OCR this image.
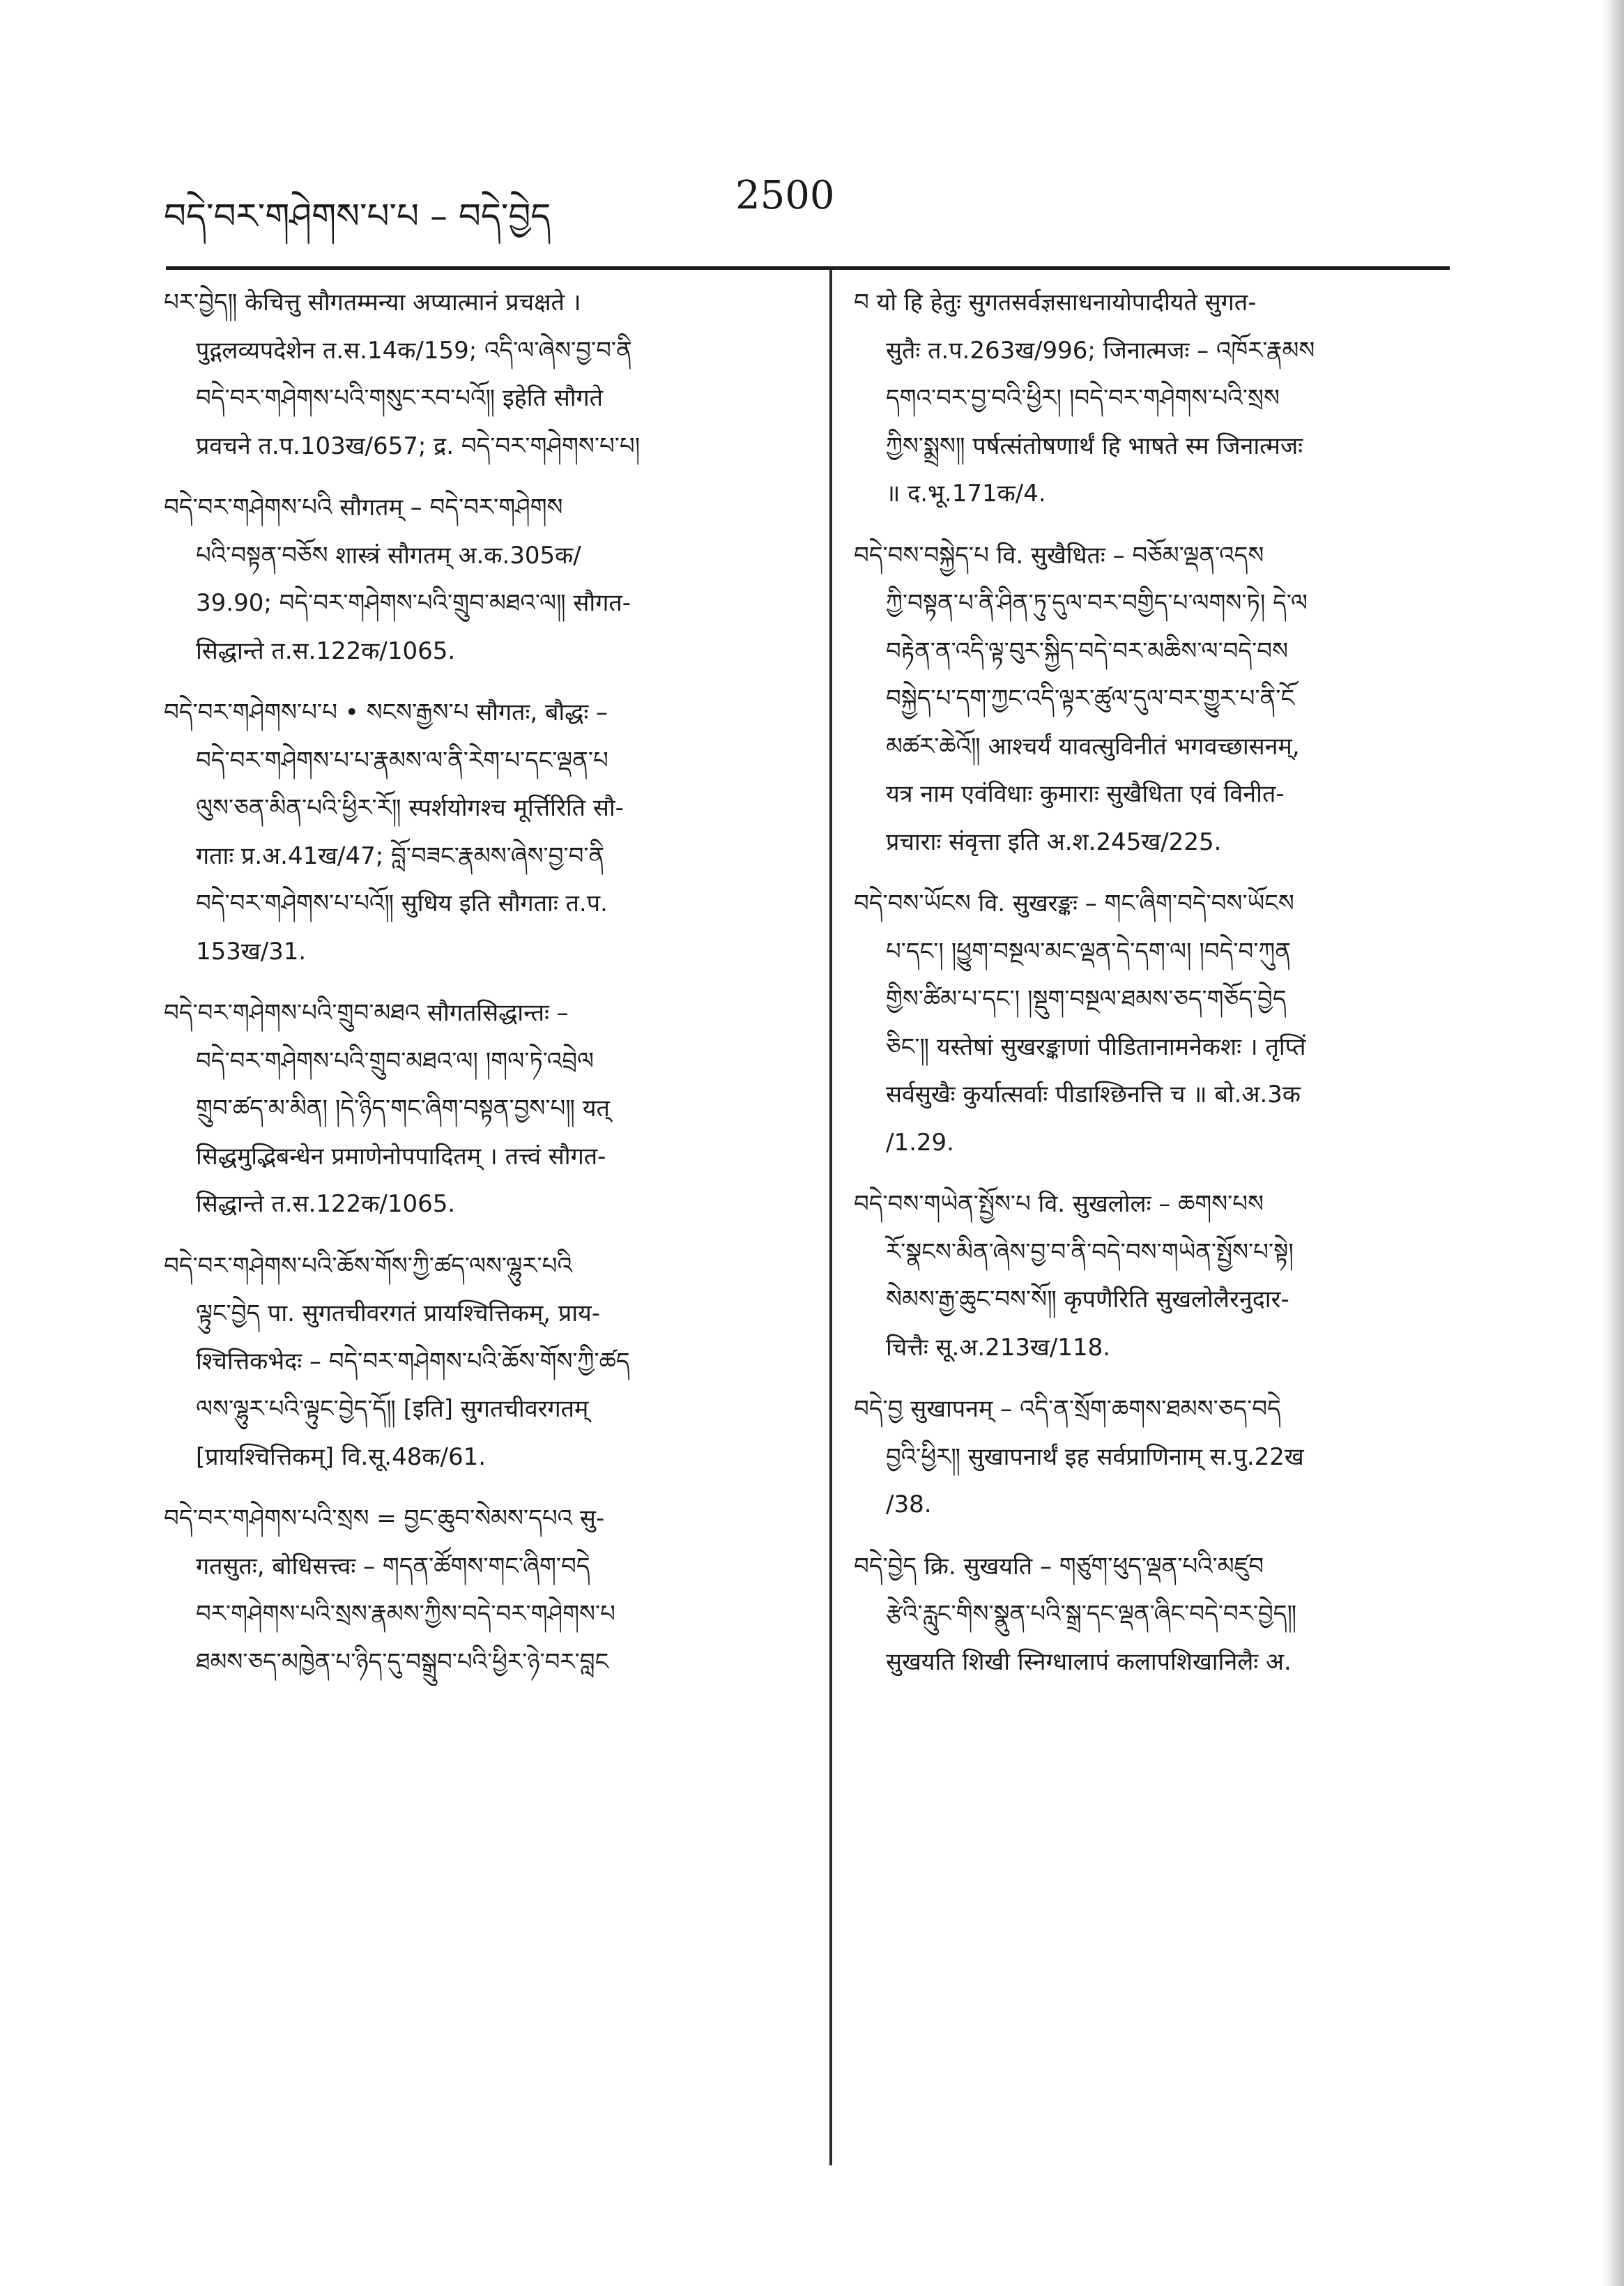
བདེ་བར་གཤེགས་པ་པ – བདེ་བྱེད	2500
པར་བྱེད༎ केचित्तु सौगतम्मन्या अप्यात्मानं प्रचक्षते ।
पुद्गलव्यपदेशेन त.स.14क/159; འདི་ལ་ཞེས་བྱ་བ་ནི
བདེ་བར་གཤེགས་པའི་གསུང་རབ་པའོ༎ इहेति सौगते
प्रवचने त.प.103ख/657; द्र. བདེ་བར་གཤེགས་པ་པ།
བདེ་བར་གཤེགས་པའི सौगतम् – བདེ་བར་གཤེགས
པའི་བསྟན་བཅོས शास्त्रं सौगतम् अ.क.305क/
39.90; བདེ་བར་གཤེགས་པའི་གྲུབ་མཐའ་ལ༎ सौगत-
सिद्धान्ते त.स.122क/1065.
བདེ་བར་གཤེགས་པ་པ • སངས་རྒྱས་པ सौगतः, बौद्धः –
བདེ་བར་གཤེགས་པ་པ་རྣམས་ལ་ནི་རེག་པ་དང་ལྡན་པ
ལུས་ཅན་མིན་པའི་ཕྱིར་རོ༎ स्पर्शयोगश्च मूर्त्तिरिति सौ-
गताः प्र.अ.41ख/47; བློ་བཟང་རྣམས་ཞེས་བྱ་བ་ནི
བདེ་བར་གཤེགས་པ་པའོ༎ सुधिय इति सौगताः त.प.
153ख/31.
བདེ་བར་གཤེགས་པའི་གྲུབ་མཐའ सौगतसिद्धान्तः –
བདེ་བར་གཤེགས་པའི་གྲུབ་མཐའ་ལ། །གལ་ཏེ་འབྲེལ
གྲུབ་ཚད་མ་མིན། །དེ་ཉིད་གང་ཞིག་བསྟན་བྱས་པ༎ यत्
सिद्धमुद्भिबन्धेन प्रमाणेनोपपादितम् । तत्त्वं सौगत-
सिद्धान्ते त.स.122क/1065.
བདེ་བར་གཤེགས་པའི་ཆོས་གོས་ཀྱི་ཚད་ལས་ལྷུར་པའི
ལྟུང་བྱེད पा. सुगतचीवरगतं प्रायश्चित्तिकम्, प्राय-
श्चित्तिकभेदः – བདེ་བར་གཤེགས་པའི་ཆོས་གོས་ཀྱི་ཚད
ལས་ལྷུར་པའི་ལྟུང་བྱེད་དོ༎ [इति] सुगतचीवरगतम्
[प्रायश्चित्तिकम्] वि.सू.48क/61.
བདེ་བར་གཤེགས་པའི་སྲས = བྱང་ཆུབ་སེམས་དཔའ सु-
गतसुतः, बोधिसत्त्वः – གདན་ཚོགས་གང་ཞིག་བདེ
བར་གཤེགས་པའི་སྲས་རྣམས་ཀྱིས་བདེ་བར་གཤེགས་པ
ཐམས་ཅད་མཁྱེན་པ་ཉིད་དུ་བསྒྲུབ་པའི་ཕྱིར་ཉེ་བར་བླང
བ यो हि हेतुः सुगतसर्वज्ञसाधनायोपादीयते सुगत-
सुतैः त.प.263ख/996; जिनात्मजः – འཁོར་རྣམས
དགའ་བར་བྱ་བའི་ཕྱིར། །བདེ་བར་གཤེགས་པའི་སྲས
ཀྱིས་སྨྲས༎ पर्षत्संतोषणार्थं हि भाषते स्म जिनात्मजः
॥ द.भू.171क/4.
བདེ་བས་བསྐྱེད་པ वि. सुखैधितः – བཅོམ་ལྡན་འདས
ཀྱི་བསྟན་པ་ནི་ཤིན་ཏུ་དུལ་བར་བགྱིད་པ་ལགས་ཏེ། དེ་ལ
བརྟེན་ན་འདི་ལྟ་བུར་སྐྱིད་བདེ་བར་མཆིས་ལ་བདེ་བས
བསྐྱེད་པ་དག་ཀྱང་འདི་ལྟར་ཚུལ་དུལ་བར་གྱུར་པ་ནི་ངོ
མཚར་ཆེའོ༎ आश्चर्यं यावत्सुविनीतं भगवच्छासनम्,
यत्र नाम एवंविधाः कुमाराः सुखैधिता एवं विनीत-
प्रचाराः संवृत्ता इति अ.श.245ख/225.
བདེ་བས་ཡོངས वि. सुखरङ्कः – གང་ཞིག་བདེ་བས་ཡོངས
པ་དང་། །ཕྱུག་བསྔལ་མང་ལྡན་དེ་དག་ལ། །བདེ་བ་ཀུན
གྱིས་ཚིམ་པ་དང་། །སྡུག་བསྔལ་ཐམས་ཅད་གཅོད་བྱེད
ཅིང་༎ यस्तेषां सुखरङ्काणां पीडितानामनेकशः । तृप्तिं
सर्वसुखैः कुर्यात्सर्वाः पीडाश्छिनत्ति च ॥ बो.अ.3क
/1.29.
བདེ་བས་གཡེན་སྤྱོས་པ वि. सुखलोलः – ཆགས་པས
རོ་སྣངས་མིན་ཞེས་བྱ་བ་ནི་བདེ་བས་གཡེན་སྤྱོས་པ་སྟེ།
སེམས་རྒྱ་ཆུང་བས་སོ༎ कृपणैरिति सुखलोलैरनुदार-
चित्तैः सू.अ.213ख/118.
བདེ་བྱ सुखापनम् – འདི་ན་སྲོག་ཆགས་ཐམས་ཅད་བདེ
བྱའི་ཕྱིར༎ सुखापनार्थं इह सर्वप्राणिनाम् स.पु.22ख
/38.
བདེ་བྱེད क्रि. सुखयति – གཙུག་ཕུད་ལྡན་པའི་མཛུབ
རྩེའི་རླུང་གིས་སྣུན་པའི་སྒྲ་དང་ལྡན་ཞིང་བདེ་བར་བྱེད༎
सुखयति शिखी स्निग्धालापं कलापशिखानिलैः अ.
